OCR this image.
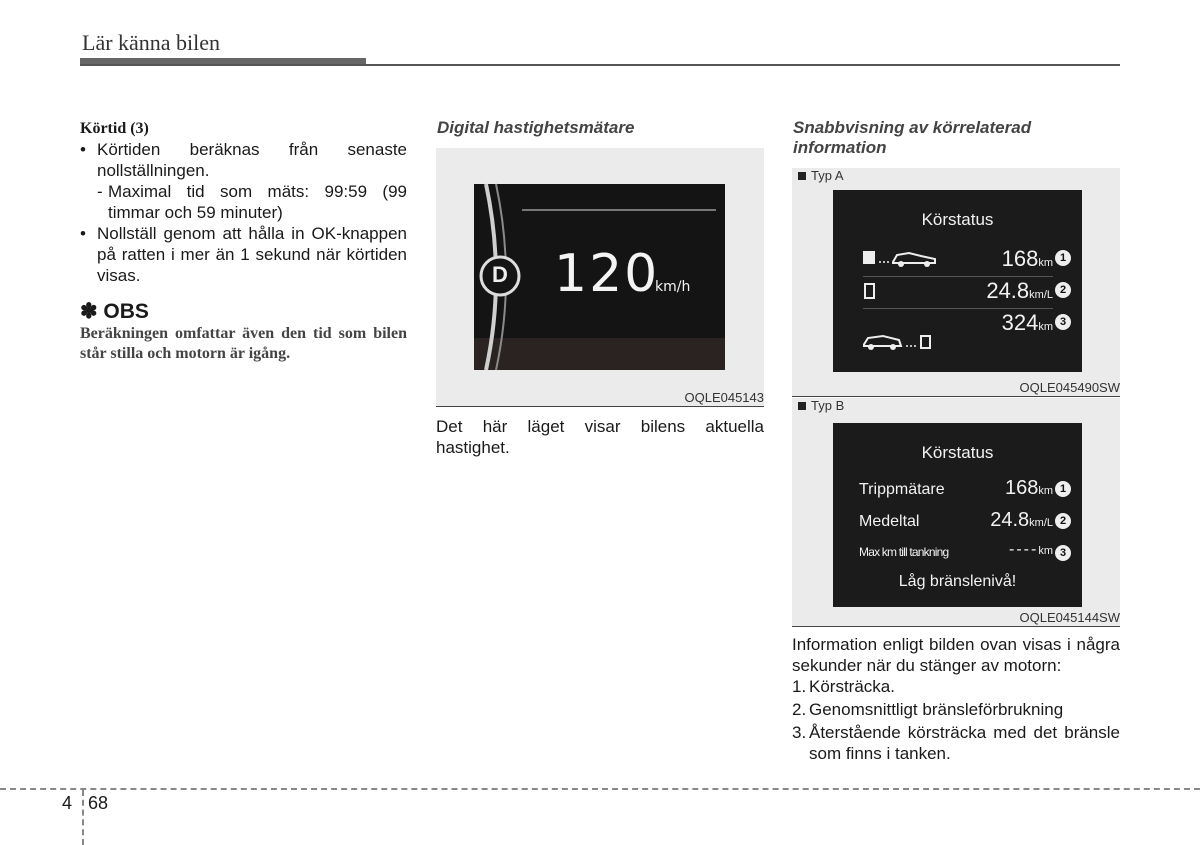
Lär känna bilen
Körtid (3)
• Körtiden beräknas från senaste nollställningen.
- Maximal tid som mäts: 99:59 (99 timmar och 59 minuter)
• Nollställ genom att hålla in OK-knappen på ratten i mer än 1 sekund när körtiden visas.
✽ OBS
Beräkningen omfattar även den tid som bilen står stilla och motorn är igång.
Digital hastighetsmätare
D 120
km/h
OQLE045143
Det här läget visar bilens aktuella hastighet.
Snabbvisning av körrelaterad information
Typ A
Körstatus
168km 1
24.8km/L 2
324km 3
OQLE045490SW
Typ B
Körstatus
Trippmätare	168km 1
Medeltal	24.8km/L 2
Max km till tankning	----km 3
Låg bränslenivå!
OQLE045144SW
Information enligt bilden ovan visas i några sekunder när du stänger av motorn:
1. Körsträcka.
2. Genomsnittligt bränsleförbrukning
3. Återstående körsträcka med det bränsle som finns i tanken.
4 68
